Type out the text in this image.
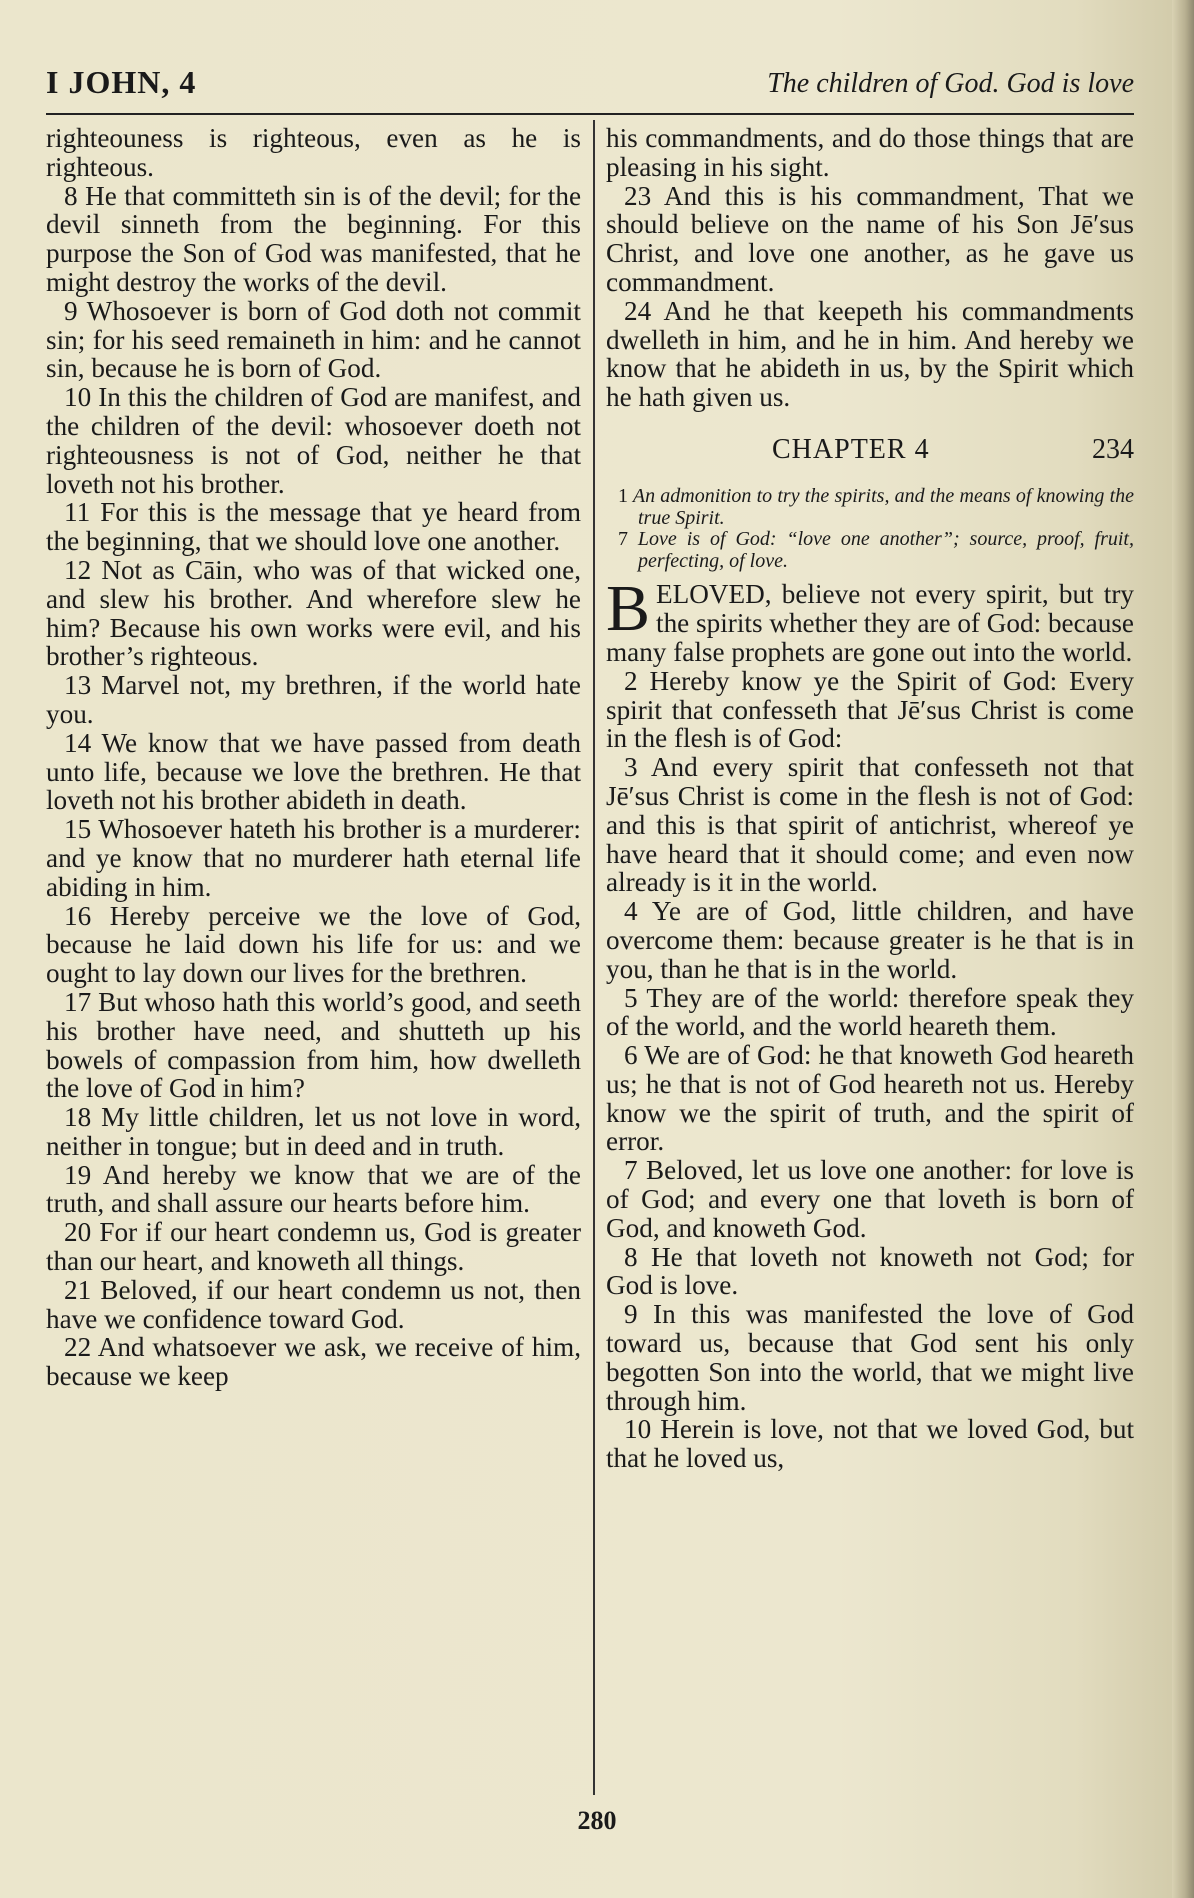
I JOHN, 4	The children of God. God is love

righteouness is righteous, even as he is righteous.

8 He that committeth sin is of the devil; for the devil sinneth from the beginning. For this purpose the Son of God was manifested, that he might destroy the works of the devil.

9 Whosoever is born of God doth not commit sin; for his seed remaineth in him: and he cannot sin, because he is born of God.

10 In this the children of God are manifest, and the children of the devil: whosoever doeth not righteousness is not of God, neither he that loveth not his brother.

11 For this is the message that ye heard from the beginning, that we should love one another.

12 Not as Cāin, who was of that wicked one, and slew his brother. And wherefore slew he him? Because his own works were evil, and his brother’s righteous.

13 Marvel not, my brethren, if the world hate you.

14 We know that we have passed from death unto life, because we love the brethren. He that loveth not his brother abideth in death.

15 Whosoever hateth his brother is a murderer: and ye know that no murderer hath eternal life abiding in him.

16 Hereby perceive we the love of God, because he laid down his life for us: and we ought to lay down our lives for the brethren.

17 But whoso hath this world’s good, and seeth his brother have need, and shutteth up his bowels of compassion from him, how dwelleth the love of God in him?

18 My little children, let us not love in word, neither in tongue; but in deed and in truth.

19 And hereby we know that we are of the truth, and shall assure our hearts before him.

20 For if our heart condemn us, God is greater than our heart, and knoweth all things.

21 Beloved, if our heart condemn us not, then have we confidence toward God.

22 And whatsoever we ask, we receive of him, because we keep

his commandments, and do those things that are pleasing in his sight.

23 And this is his commandment, That we should believe on the name of his Son Jē′sus Christ, and love one another, as he gave us commandment.

24 And he that keepeth his commandments dwelleth in him, and he in him. And hereby we know that he abideth in us, by the Spirit which he hath given us.

CHAPTER 4	234

1 An admonition to try the spirits, and the means of knowing the true Spirit.

7 Love is of God: “love one another”; source, proof, fruit, perfecting, of love.

BELOVED, believe not every spirit, but try the spirits whether they are of God: because many false prophets are gone out into the world.

2 Hereby know ye the Spirit of God: Every spirit that confesseth that Jē′sus Christ is come in the flesh is of God:

3 And every spirit that confesseth not that Jē′sus Christ is come in the flesh is not of God: and this is that spirit of antichrist, whereof ye have heard that it should come; and even now already is it in the world.

4 Ye are of God, little children, and have overcome them: because greater is he that is in you, than he that is in the world.

5 They are of the world: therefore speak they of the world, and the world heareth them.

6 We are of God: he that knoweth God heareth us; he that is not of God heareth not us. Hereby know we the spirit of truth, and the spirit of error.

7 Beloved, let us love one another: for love is of God; and every one that loveth is born of God, and knoweth God.

8 He that loveth not knoweth not God; for God is love.

9 In this was manifested the love of God toward us, because that God sent his only begotten Son into the world, that we might live through him.

10 Herein is love, not that we loved God, but that he loved us,

280
